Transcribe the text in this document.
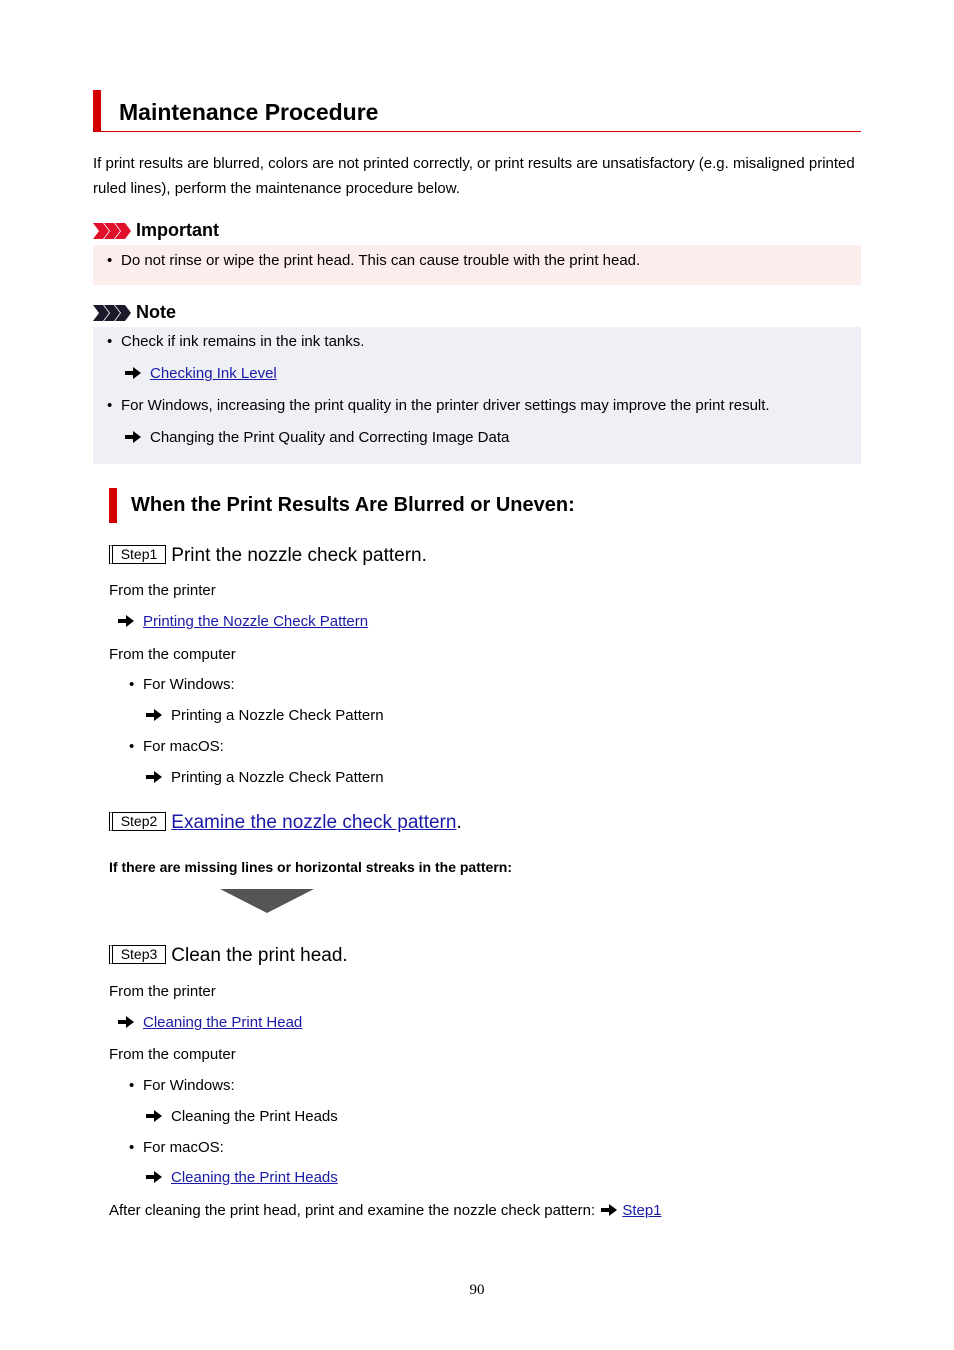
Maintenance Procedure
If print results are blurred, colors are not printed correctly, or print results are unsatisfactory (e.g. misaligned printed ruled lines), perform the maintenance procedure below.
Important
• Do not rinse or wipe the print head. This can cause trouble with the print head.
Note
• Check if ink remains in the ink tanks.
Checking Ink Level
• For Windows, increasing the print quality in the printer driver settings may improve the print result.
Changing the Print Quality and Correcting Image Data
When the Print Results Are Blurred or Uneven:
Step1 Print the nozzle check pattern.
From the printer
Printing the Nozzle Check Pattern
From the computer
• For Windows:
Printing a Nozzle Check Pattern
• For macOS:
Printing a Nozzle Check Pattern
Step2 Examine the nozzle check pattern.
If there are missing lines or horizontal streaks in the pattern:
Step3 Clean the print head.
From the printer
Cleaning the Print Head
From the computer
• For Windows:
Cleaning the Print Heads
• For macOS:
Cleaning the Print Heads
After cleaning the print head, print and examine the nozzle check pattern: Step1
90
